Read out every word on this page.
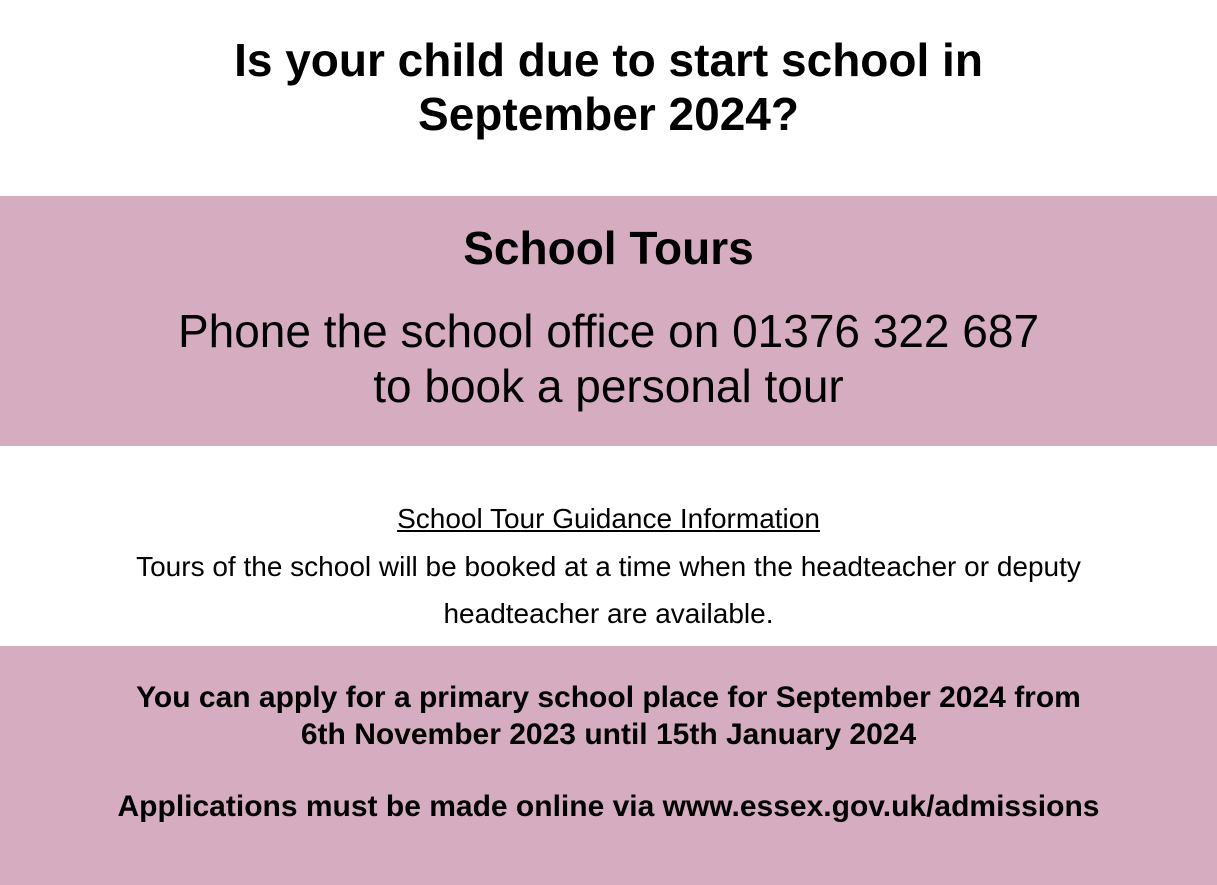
Is your child due to start school in
September 2024?
School Tours
Phone the school office on 01376 322 687
to book a personal tour
School Tour Guidance Information
Tours of the school will be booked at a time when the headteacher or deputy
headteacher are available.
You can apply for a primary school place for September 2024 from
6th November 2023 until 15th January 2024
Applications must be made online via www.essex.gov.uk/admissions
